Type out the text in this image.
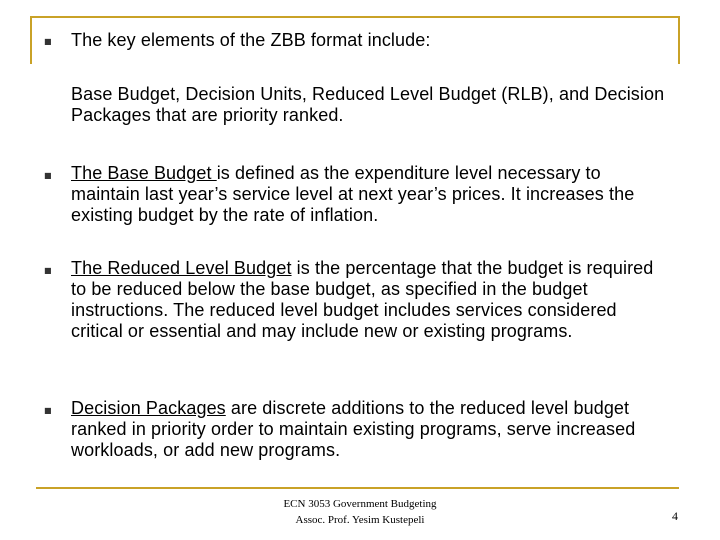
■ The key elements of the ZBB format include:

Base Budget, Decision Units, Reduced Level Budget (RLB), and Decision Packages that are priority ranked.

■ The Base Budget is defined as the expenditure level necessary to maintain last year’s service level at next year’s prices. It increases the existing budget by the rate of inflation.

■ The Reduced Level Budget is the percentage that the budget is required to be reduced below the base budget, as specified in the budget instructions. The reduced level budget includes services considered critical or essential and may include new or existing programs.

■ Decision Packages are discrete additions to the reduced level budget ranked in priority order to maintain existing programs, serve increased workloads, or add new programs.

ECN 3053 Government Budgeting
Assoc. Prof. Yesim Kustepeli	4
